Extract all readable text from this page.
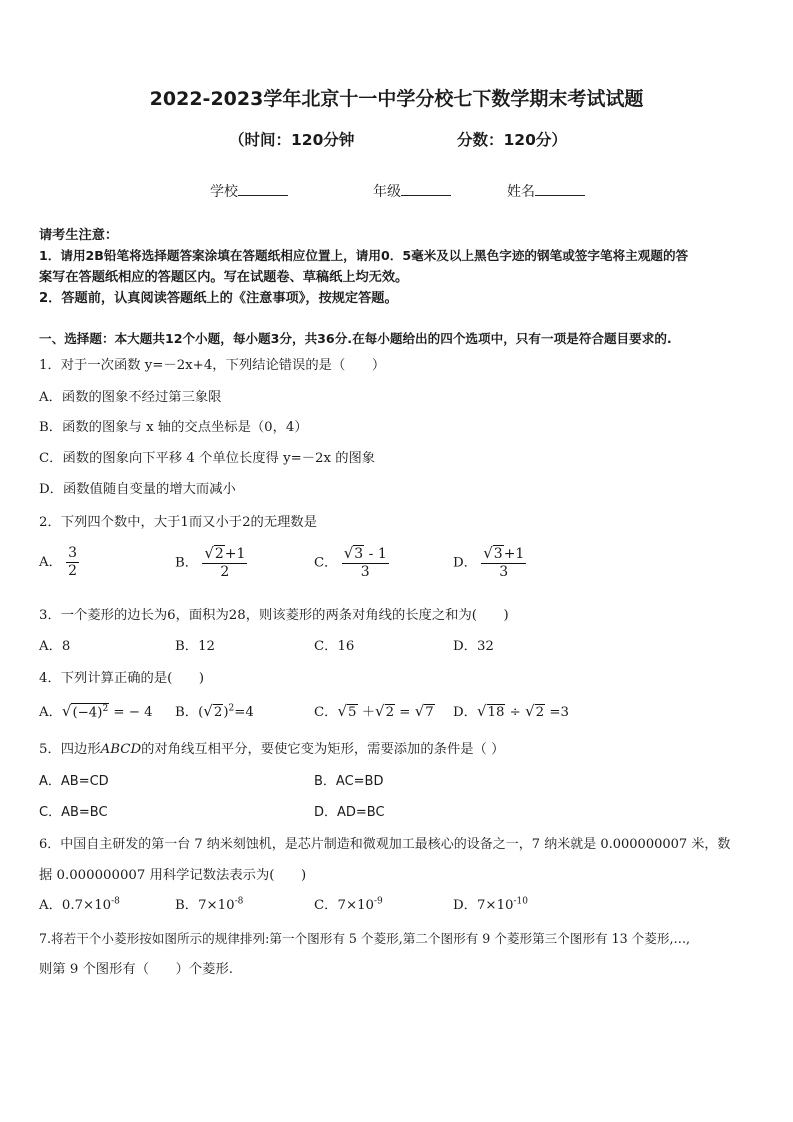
2022-2023学年北京十一中学分校七下数学期末考试试题
（时间：120分钟	分数：120分）
学校	年级	姓名
请考生注意：
1．请用2B铅笔将选择题答案涂填在答题纸相应位置上，请用0．5毫米及以上黑色字迹的钢笔或签字笔将主观题的答
案写在答题纸相应的答题区内。写在试题卷、草稿纸上均无效。
2．答题前，认真阅读答题纸上的《注意事项》，按规定答题。
一、选择题：本大题共12个小题，每小题3分，共36分.在每小题给出的四个选项中，只有一项是符合题目要求的.
1．对于一次函数 y=－2x+4，下列结论错误的是（　　）
A．函数的图象不经过第三象限
B．函数的图象与 x 轴的交点坐标是（0，4）
C．函数的图象向下平移 4 个单位长度得 y=－2x 的图象
D．函数值随自变量的增大而减小
2．下列四个数中，大于1而又小于2的无理数是
A． $\frac{3}{2}$	B． $\frac{√2+1}{2}$	C． $\frac{√3 - 1}{3}$	D． $\frac{√3+1}{3}$
3．一个菱形的边长为6，面积为28，则该菱形的两条对角线的长度之和为(　　)
A．8	B．12	C．16	D．32
4．下列计算正确的是(　　)
A．$√(-4)^2$ = − 4 B．$(√2)^2=4$	C．√5 ＋√2 = √7 D．√18 ÷ √2 =3
5．四边形ABCD的对角线互相平分，要使它变为矩形，需要添加的条件是（ ）
A．AB=CD	B．AC=BD
C．AB=BC	D．AD=BC
6．中国自主研发的第一台 7 纳米刻蚀机，是芯片制造和微观加工最核心的设备之一，7 纳米就是 0.000000007 米，数
据 0.000000007 用科学记数法表示为(　　)
A．$0.7\times 10^{-8}$	B．$7\times 10^{-8}$	C．$7\times 10^{-9}$	D．$7\times 10^{-10}$
7.将若干个小菱形按如图所示的规律排列:第一个图形有 5 个菱形,第二个图形有 9 个菱形第三个图形有 13 个菱形,…,
则第 9 个图形有（　　）个菱形.
